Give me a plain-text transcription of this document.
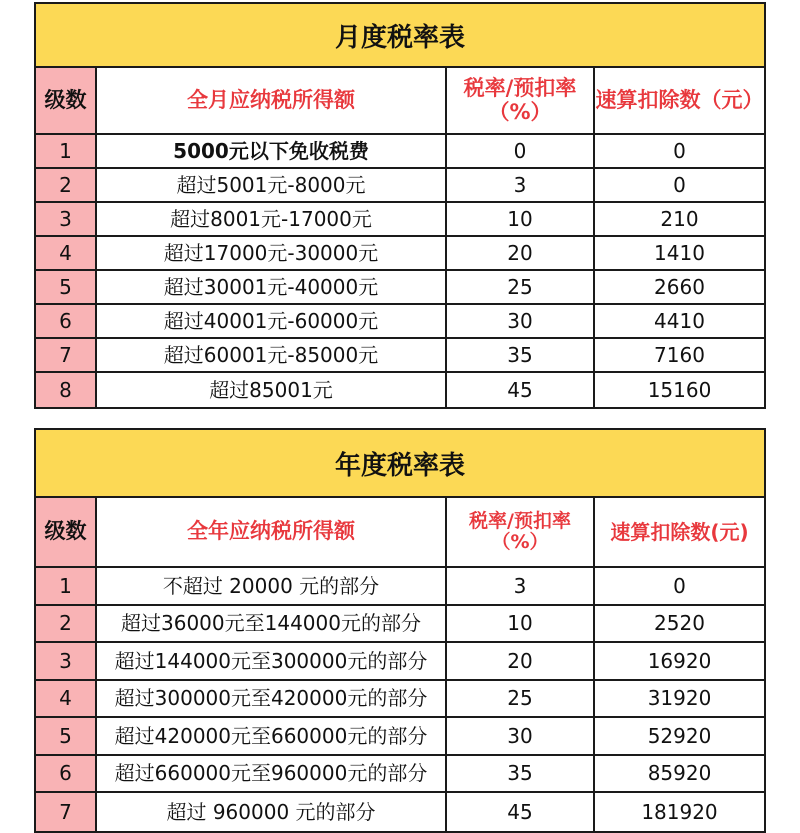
月度税率表
级数	全月应纳税所得额	税率/预扣率（%）	速算扣除数（元）
1	5000元以下免收税费	0	0
2	超过5001元-8000元	3	0
3	超过8001元-17000元	10	210
4	超过17000元-30000元	20	1410
5	超过30001元-40000元	25	2660
6	超过40001元-60000元	30	4410
7	超过60001元-85000元	35	7160
8	超过85001元	45	15160
年度税率表
级数	全年应纳税所得额	税率/预扣率（%）	速算扣除数(元)
1	不超过 20000 元的部分	3	0
2	超过36000元至144000元的部分	10	2520
3	超过144000元至300000元的部分	20	16920
4	超过300000元至420000元的部分	25	31920
5	超过420000元至660000元的部分	30	52920
6	超过660000元至960000元的部分	35	85920
7	超过 960000 元的部分	45	181920
